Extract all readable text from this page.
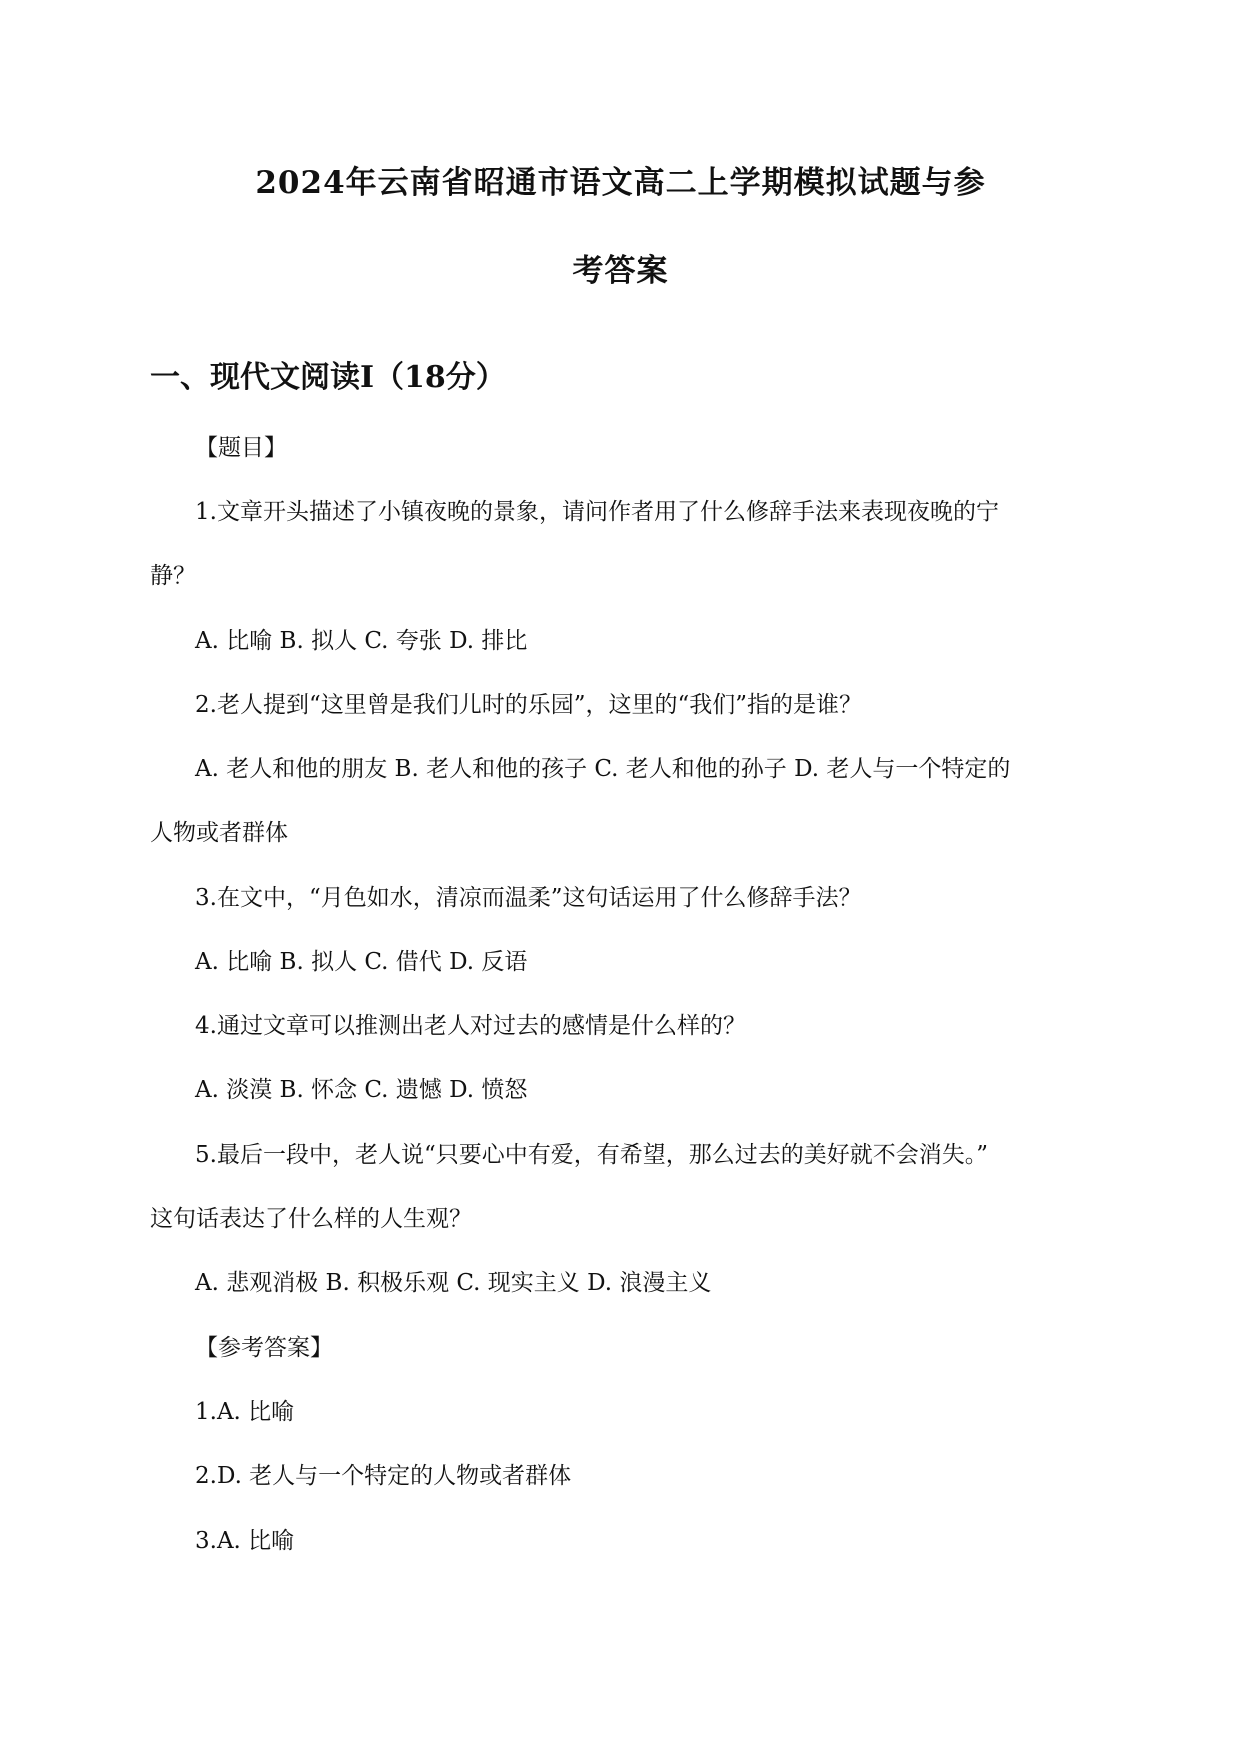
2024年云南省昭通市语文高二上学期模拟试题与参
考答案
一、现代文阅读Ⅰ（18分）
【题目】
1.文章开头描述了小镇夜晚的景象，请问作者用了什么修辞手法来表现夜晚的宁
静？
A. 比喻 B. 拟人 C. 夸张 D. 排比
2.老人提到“这里曾是我们儿时的乐园”，这里的“我们”指的是谁？
A. 老人和他的朋友 B. 老人和他的孩子 C. 老人和他的孙子 D. 老人与一个特定的
人物或者群体
3.在文中，“月色如水，清凉而温柔”这句话运用了什么修辞手法？
A. 比喻 B. 拟人 C. 借代 D. 反语
4.通过文章可以推测出老人对过去的感情是什么样的？
A. 淡漠 B. 怀念 C. 遗憾 D. 愤怒
5.最后一段中，老人说“只要心中有爱，有希望，那么过去的美好就不会消失。”
这句话表达了什么样的人生观？
A. 悲观消极 B. 积极乐观 C. 现实主义 D. 浪漫主义
【参考答案】
1.A. 比喻
2.D. 老人与一个特定的人物或者群体
3.A. 比喻
